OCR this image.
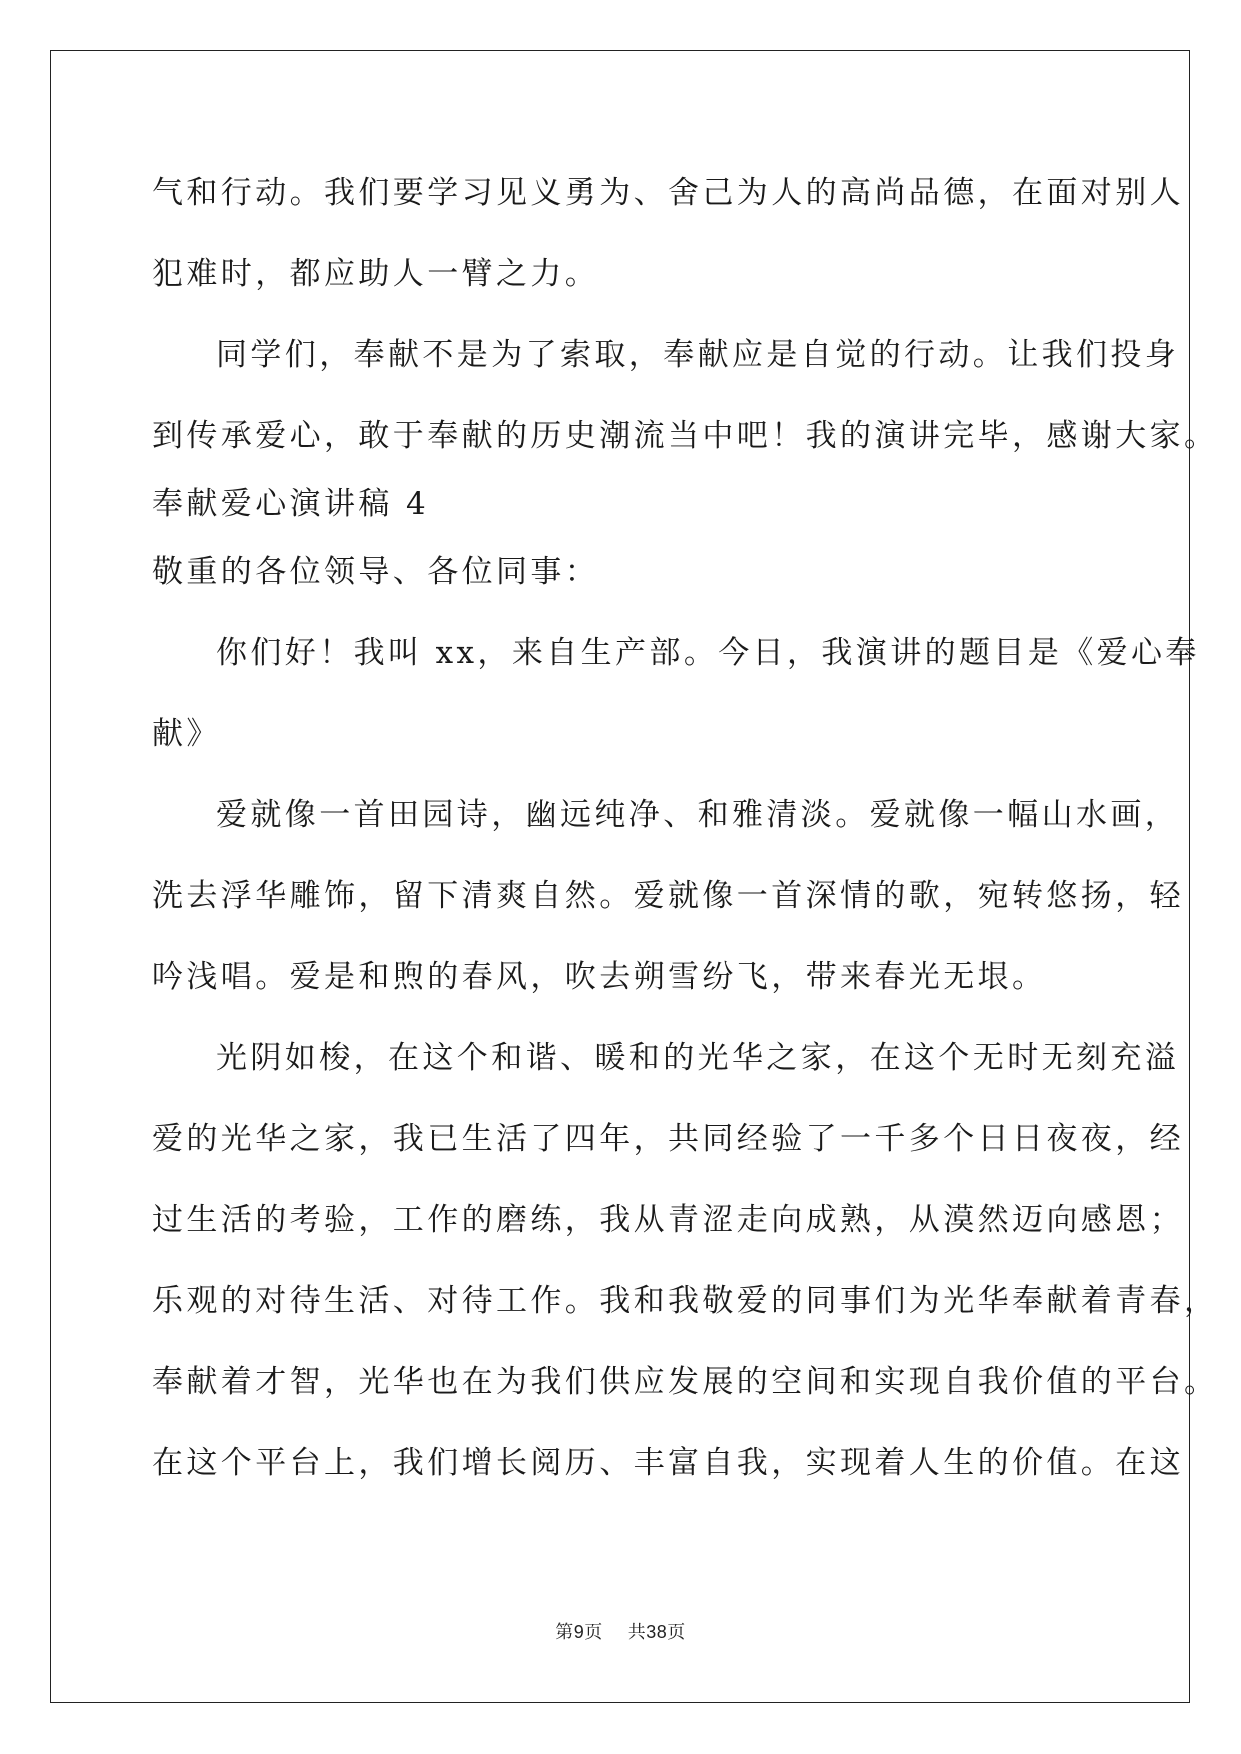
气和行动。我们要学习见义勇为、舍己为人的高尚品德，在面对别人
犯难时，都应助人一臂之力。
同学们，奉献不是为了索取，奉献应是自觉的行动。让我们投身
到传承爱心，敢于奉献的历史潮流当中吧！我的演讲完毕，感谢大家。
奉献爱心演讲稿 4
敬重的各位领导、各位同事：
你们好！我叫 xx，来自生产部。今日，我演讲的题目是《爱心奉
献》
爱就像一首田园诗，幽远纯净、和雅清淡。爱就像一幅山水画，
洗去浮华雕饰，留下清爽自然。爱就像一首深情的歌，宛转悠扬，轻
吟浅唱。爱是和煦的春风，吹去朔雪纷飞，带来春光无垠。
光阴如梭，在这个和谐、暖和的光华之家，在这个无时无刻充溢
爱的光华之家，我已生活了四年，共同经验了一千多个日日夜夜，经
过生活的考验，工作的磨练，我从青涩走向成熟，从漠然迈向感恩；
乐观的对待生活、对待工作。我和我敬爱的同事们为光华奉献着青春，
奉献着才智，光华也在为我们供应发展的空间和实现自我价值的平台。
在这个平台上，我们增长阅历、丰富自我，实现着人生的价值。在这
第9页 共38页
